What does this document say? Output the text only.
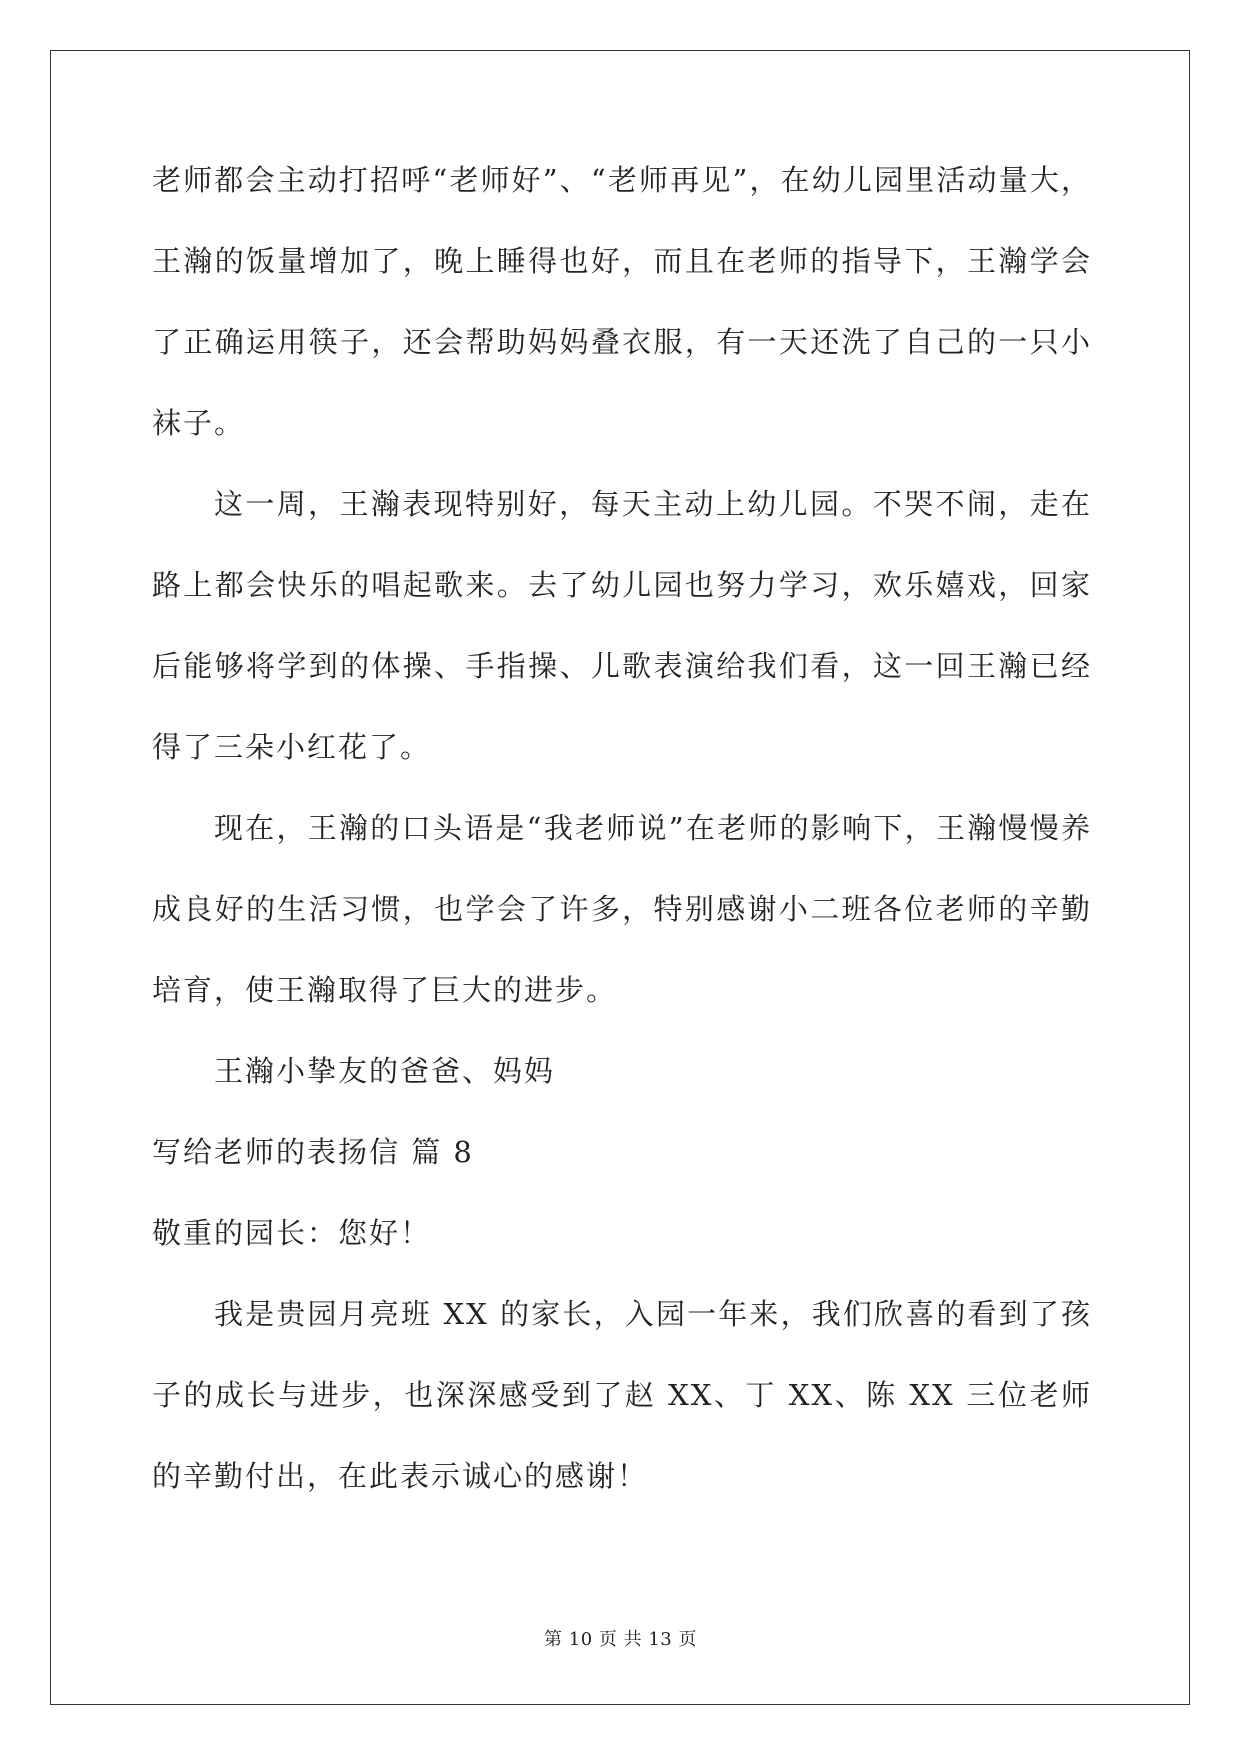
老师都会主动打招呼“老师好”、“老师再见”，在幼儿园里活动量大，王瀚的饭量增加了，晚上睡得也好，而且在老师的指导下，王瀚学会了正确运用筷子，还会帮助妈妈叠衣服，有一天还洗了自己的一只小袜子。

这一周，王瀚表现特别好，每天主动上幼儿园。不哭不闹，走在路上都会快乐的唱起歌来。去了幼儿园也努力学习，欢乐嬉戏，回家后能够将学到的体操、手指操、儿歌表演给我们看，这一回王瀚已经得了三朵小红花了。

现在，王瀚的口头语是“我老师说”在老师的影响下，王瀚慢慢养成良好的生活习惯，也学会了许多，特别感谢小二班各位老师的辛勤培育，使王瀚取得了巨大的进步。

王瀚小挚友的爸爸、妈妈

写给老师的表扬信 篇 8

敬重的园长：您好！

我是贵园月亮班 XX 的家长，入园一年来，我们欣喜的看到了孩子的成长与进步，也深深感受到了赵 XX、丁 XX、陈 XX 三位老师的辛勤付出，在此表示诚心的感谢！

第 10 页 共 13 页
